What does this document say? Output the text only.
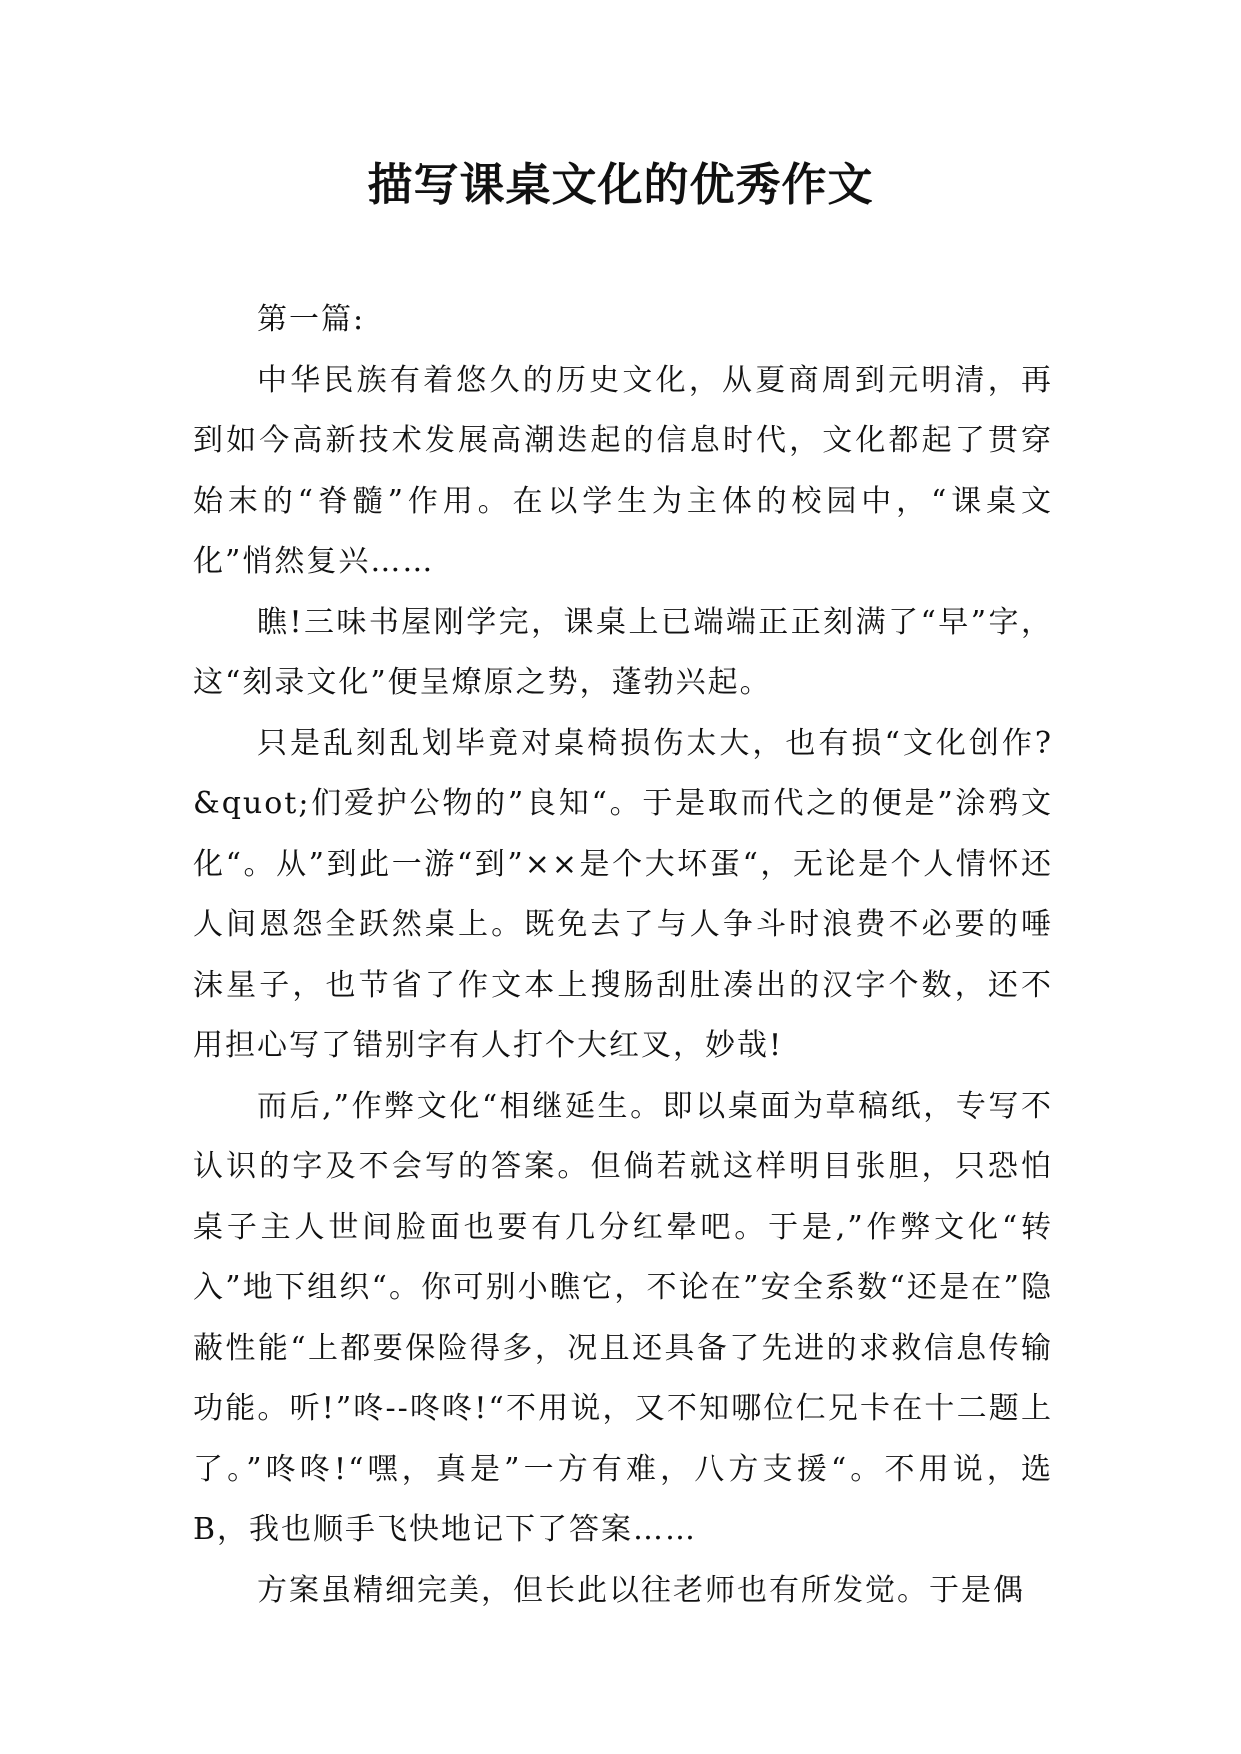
描写课桌文化的优秀作文

第一篇:

中华民族有着悠久的历史文化，从夏商周到元明清，再到如今高新技术发展高潮迭起的信息时代，文化都起了贯穿始末的“脊髓”作用。在以学生为主体的校园中，“课桌文化”悄然复兴……

瞧!三味书屋刚学完，课桌上已端端正正刻满了“早”字，这“刻录文化”便呈燎原之势，蓬勃兴起。

只是乱刻乱划毕竟对桌椅损伤太大，也有损“文化创作?&quot;们爱护公物的”良知“。于是取而代之的便是”涂鸦文化“。从”到此一游“到”××是个大坏蛋“，无论是个人情怀还人间恩怨全跃然桌上。既免去了与人争斗时浪费不必要的唾沫星子，也节省了作文本上搜肠刮肚凑出的汉字个数，还不用担心写了错别字有人打个大红叉，妙哉!

而后,”作弊文化“相继延生。即以桌面为草稿纸，专写不认识的字及不会写的答案。但倘若就这样明目张胆，只恐怕桌子主人世间脸面也要有几分红晕吧。于是,”作弊文化“转入”地下组织“。你可别小瞧它，不论在”安全系数“还是在”隐蔽性能“上都要保险得多，况且还具备了先进的求救信息传输功能。听!”咚--咚咚!“不用说，又不知哪位仁兄卡在十二题上了。”咚咚!“嘿，真是”一方有难，八方支援“。不用说，选B，我也顺手飞快地记下了答案……

方案虽精细完美，但长此以往老师也有所发觉。于是偶
